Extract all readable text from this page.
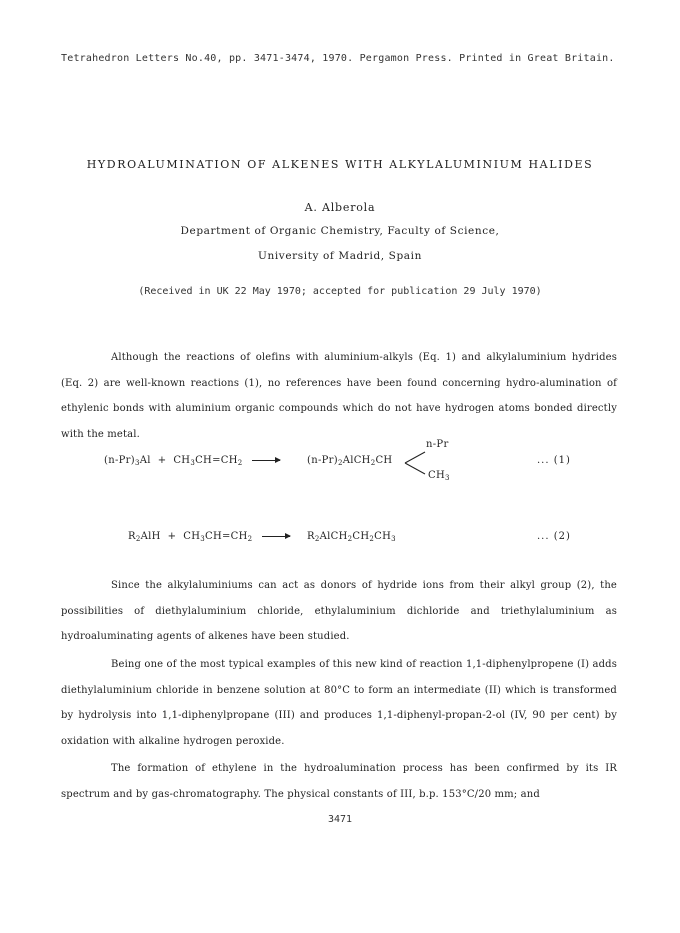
Tetrahedron Letters No.40, pp. 3471-3474, 1970. Pergamon Press. Printed in Great Britain.
HYDROALUMINATION OF ALKENES WITH ALKYLALUMINIUM HALIDES
A. Alberola
Department of Organic Chemistry, Faculty of Science,
University of Madrid, Spain
(Received in UK 22 May 1970; accepted for publication 29 July 1970)
Although the reactions of olefins with aluminium-alkyls (Eq. 1) and alkylaluminium hydrides (Eq. 2) are well-known reactions (1), no references have been found concerning hydro-alumination of ethylenic bonds with aluminium organic compounds which do not have hydrogen atoms bonded directly with the metal.
$(n-Pr)_3Al + CH_3CH=CH_2$ →	$(n-Pr)_2AlCH_2CH$
n-Pr
$CH_3$
... (1)
$R_2AlH + CH_3CH=CH_2$ →	$R_2AlCH_2CH_2CH_3$	... (2)
Since the alkylaluminiums can act as donors of hydride ions from their alkyl group (2), the possibilities of diethylaluminium chloride, ethylaluminium dichloride and triethylaluminium as hydroaluminating agents of alkenes have been studied.
Being one of the most typical examples of this new kind of reaction 1,1-diphenylpropene (I) adds diethylaluminium chloride in benzene solution at 80°C to form an intermediate (II) which is transformed by hydrolysis into 1,1-diphenylpropane (III) and produces 1,1-diphenyl-propan-2-ol (IV, 90 per cent) by oxidation with alkaline hydrogen peroxide.
The formation of ethylene in the hydroalumination process has been confirmed by its IR spectrum and by gas-chromatography. The physical constants of III, b.p. 153°C/20 mm; and
3471
